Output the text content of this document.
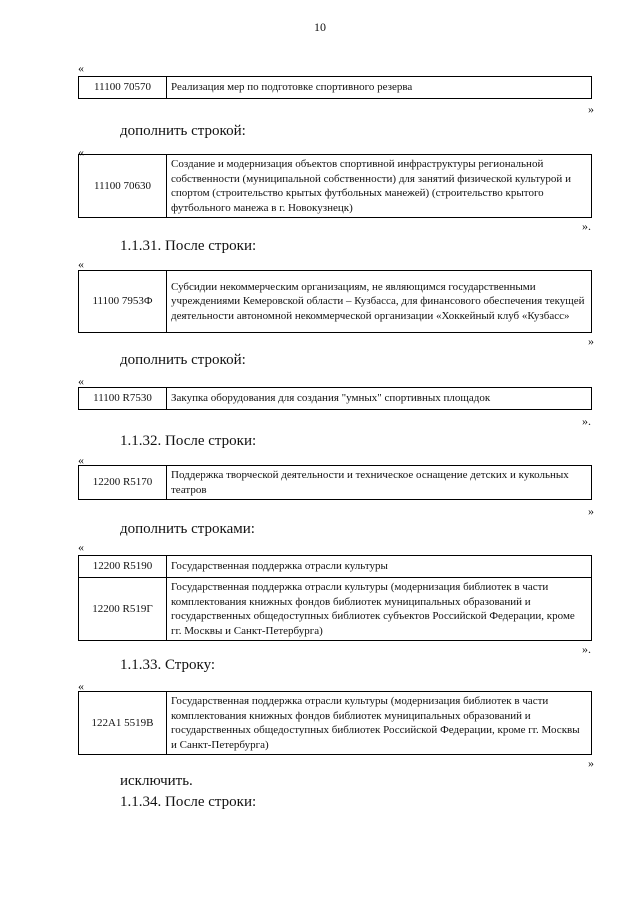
10
«
11100 70570	Реализация мер по подготовке спортивного резерва
»
дополнить строкой:
«
11100 70630	Создание и модернизация объектов спортивной инфраструктуры региональной собственности (муниципальной собственности) для занятий физической культурой и спортом (строительство крытых футбольных манежей) (строительство крытого футбольного манежа в г. Новокузнецк)
».
1.1.31. После строки:
«
11100 7953Ф	Субсидии некоммерческим организациям, не являющимся государственными учреждениями Кемеровской области – Кузбасса, для финансового обеспечения текущей деятельности автономной некоммерческой организации «Хоккейный клуб «Кузбасс»
»
дополнить строкой:
«
11100 R7530	Закупка оборудования для создания "умных" спортивных площадок
».
1.1.32. После строки:
«
12200 R5170	Поддержка творческой деятельности и техническое оснащение детских и кукольных театров
»
дополнить строками:
«
12200 R5190	Государственная поддержка отрасли культуры
12200 R519Г	Государственная поддержка отрасли культуры (модернизация библиотек в части комплектования книжных фондов библиотек муниципальных образований и государственных общедоступных библиотек субъектов Российской Федерации, кроме гг. Москвы и Санкт-Петербурга)
».
1.1.33. Строку:
«
122А1 5519В	Государственная поддержка отрасли культуры (модернизация библиотек в части комплектования книжных фондов библиотек муниципальных образований и государственных общедоступных библиотек Российской Федерации, кроме гг. Москвы и Санкт-Петербурга)
»
исключить.
1.1.34. После строки:
